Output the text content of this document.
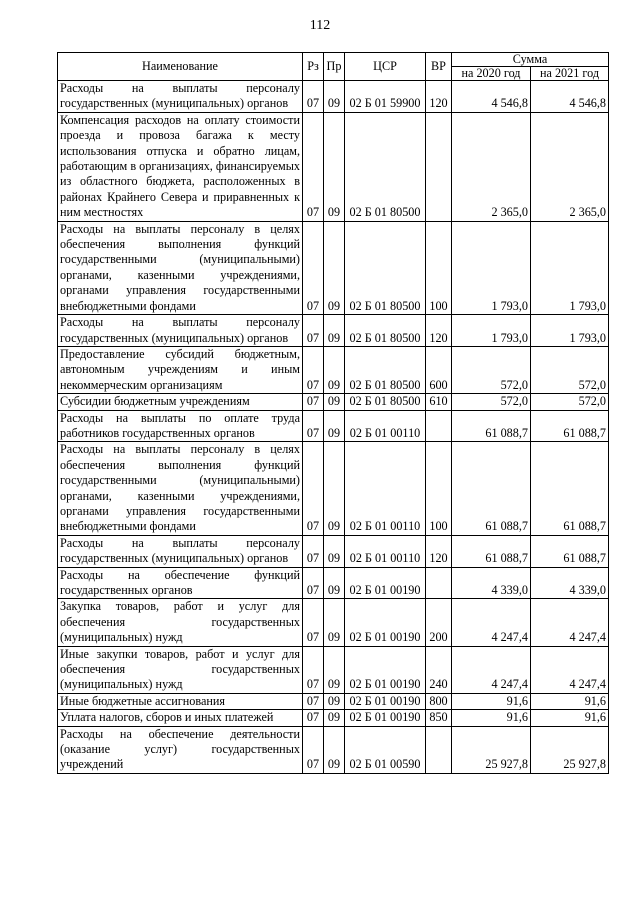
112
Наименование	Рз	Пр	ЦСР	ВР	Сумма	
					на 2020 год	на 2021 год
Расходы на выплаты персоналу государственных (муниципальных) органов	07	09	02 Б 01 59900	120	4 546,8	4 546,8
Компенсация расходов на оплату стоимости проезда и провоза багажа к месту использования отпуска и обратно лицам, работающим в организациях, финансируемых из областного бюджета, расположенных в районах Крайнего Севера и приравненных к ним местностях	07	09	02 Б 01 80500		2 365,0	2 365,0
Расходы на выплаты персоналу в целях обеспечения выполнения функций государственными (муниципальными) органами, казенными учреждениями, органами управления государственными внебюджетными фондами	07	09	02 Б 01 80500	100	1 793,0	1 793,0
Расходы на выплаты персоналу государственных (муниципальных) органов	07	09	02 Б 01 80500	120	1 793,0	1 793,0
Предоставление субсидий бюджетным, автономным учреждениям и иным некоммерческим организациям	07	09	02 Б 01 80500	600	572,0	572,0
Субсидии бюджетным учреждениям	07	09	02 Б 01 80500	610	572,0	572,0
Расходы на выплаты по оплате труда работников государственных органов	07	09	02 Б 01 00110		61 088,7	61 088,7
Расходы на выплаты персоналу в целях обеспечения выполнения функций государственными (муниципальными) органами, казенными учреждениями, органами управления государственными внебюджетными фондами	07	09	02 Б 01 00110	100	61 088,7	61 088,7
Расходы на выплаты персоналу государственных (муниципальных) органов	07	09	02 Б 01 00110	120	61 088,7	61 088,7
Расходы на обеспечение функций государственных органов	07	09	02 Б 01 00190		4 339,0	4 339,0
Закупка товаров, работ и услуг для обеспечения государственных (муниципальных) нужд	07	09	02 Б 01 00190	200	4 247,4	4 247,4
Иные закупки товаров, работ и услуг для обеспечения государственных (муниципальных) нужд	07	09	02 Б 01 00190	240	4 247,4	4 247,4
Иные бюджетные ассигнования	07	09	02 Б 01 00190	800	91,6	91,6
Уплата налогов, сборов и иных платежей	07	09	02 Б 01 00190	850	91,6	91,6
Расходы на обеспечение деятельности (оказание услуг) государственных учреждений	07	09	02 Б 01 00590		25 927,8	25 927,8
